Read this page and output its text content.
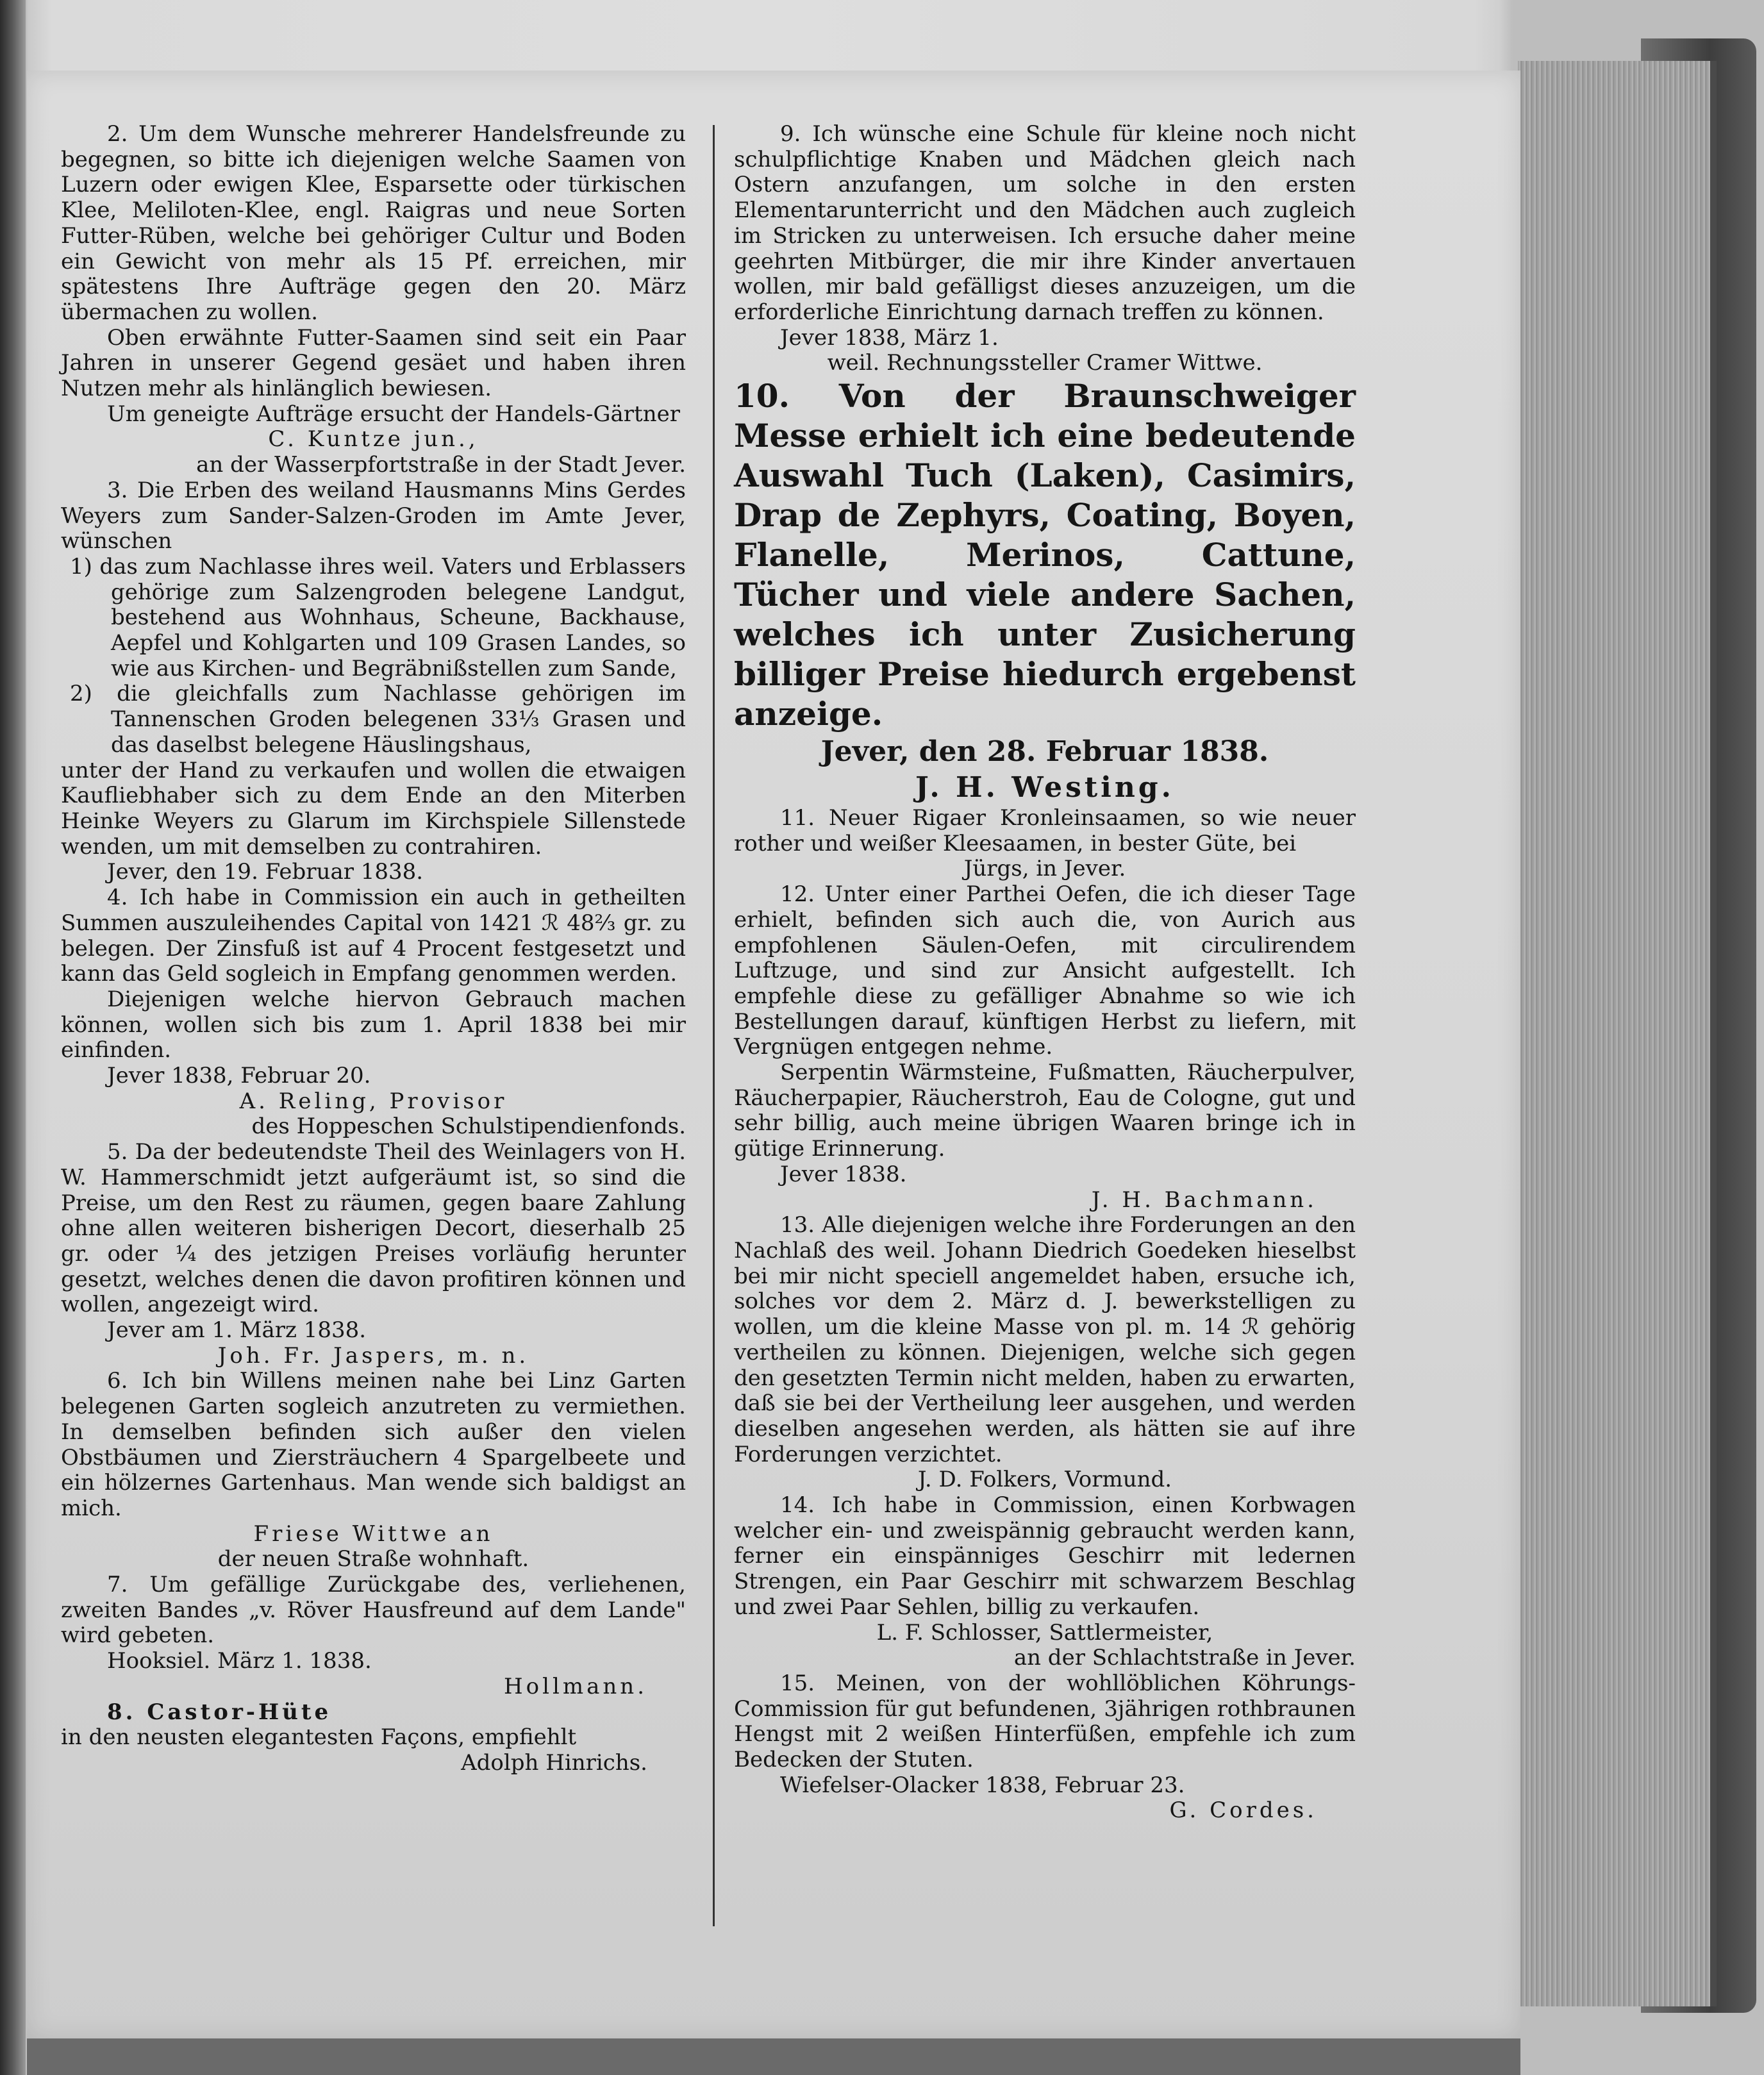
2. Um dem Wunsche mehrerer Handelsfreunde zu begegnen, so bitte ich diejenigen welche Saamen von Luzern oder ewigen Klee, Esparsette oder türkischen Klee, Meliloten-Klee, engl. Raigras und neue Sorten Futter-Rüben, welche bei gehöriger Cultur und Boden ein Gewicht von mehr als 15 Pf. erreichen, mir spätestens Ihre Aufträge gegen den 20. März übermachen zu wollen.

Oben erwähnte Futter-Saamen sind seit ein Paar Jahren in unserer Gegend gesäet und haben ihren Nutzen mehr als hinlänglich bewiesen.

Um geneigte Aufträge ersucht der Handels-Gärtner

C. Kuntze jun.,

an der Wasserpfortstraße in der Stadt Jever.

3. Die Erben des weiland Hausmanns Mins Gerdes Weyers zum Sander-Salzen-Groden im Amte Jever, wünschen

1) das zum Nachlasse ihres weil. Vaters und Erblassers gehörige zum Salzengroden belegene Landgut, bestehend aus Wohnhaus, Scheune, Backhause, Aepfel und Kohlgarten und 109 Grasen Landes, so wie aus Kirchen- und Begräbnißstellen zum Sande,

2) die gleichfalls zum Nachlasse gehörigen im Tannenschen Groden belegenen 33⅓ Grasen und das daselbst belegene Häuslingshaus,

unter der Hand zu verkaufen und wollen die etwaigen Kaufliebhaber sich zu dem Ende an den Miterben Heinke Weyers zu Glarum im Kirchspiele Sillenstede wenden, um mit demselben zu contrahiren.

Jever, den 19. Februar 1838.

4. Ich habe in Commission ein auch in getheilten Summen auszuleihendes Capital von 1421 ℛ 48⅔ gr. zu belegen. Der Zinsfuß ist auf 4 Procent festgesetzt und kann das Geld sogleich in Empfang genommen werden.

Diejenigen welche hiervon Gebrauch machen können, wollen sich bis zum 1. April 1838 bei mir einfinden.

Jever 1838, Februar 20.

A. Reling, Provisor

des Hoppeschen Schulstipendienfonds.

5. Da der bedeutendste Theil des Weinlagers von H. W. Hammerschmidt jetzt aufgeräumt ist, so sind die Preise, um den Rest zu räumen, gegen baare Zahlung ohne allen weiteren bisherigen Decort, dieserhalb 25 gr. oder ¼ des jetzigen Preises vorläufig herunter gesetzt, welches denen die davon profitiren können und wollen, angezeigt wird.

Jever am 1. März 1838.

Joh. Fr. Jaspers, m. n.

6. Ich bin Willens meinen nahe bei Linz Garten belegenen Garten sogleich anzutreten zu vermiethen. In demselben befinden sich außer den vielen Obstbäumen und Ziersträuchern 4 Spargelbeete und ein hölzernes Gartenhaus. Man wende sich baldigst an mich.

Friese Wittwe an

der neuen Straße wohnhaft.

7. Um gefällige Zurückgabe des, verliehenen, zweiten Bandes „v. Röver Hausfreund auf dem Lande" wird gebeten.

Hooksiel. März 1. 1838.

Hollmann.

8. Castor-Hüte

in den neusten elegantesten Façons, empfiehlt

Adolph Hinrichs.

9. Ich wünsche eine Schule für kleine noch nicht schulpflichtige Knaben und Mädchen gleich nach Ostern anzufangen, um solche in den ersten Elementarunterricht und den Mädchen auch zugleich im Stricken zu unterweisen. Ich ersuche daher meine geehrten Mitbürger, die mir ihre Kinder anvertauen wollen, mir bald gefälligst dieses anzuzeigen, um die erforderliche Einrichtung darnach treffen zu können.

Jever 1838, März 1.

weil. Rechnungssteller Cramer Wittwe.

10. Von der Braunschweiger Messe erhielt ich eine bedeutende Auswahl Tuch (Laken), Casimirs, Drap de Zephyrs, Coating, Boyen, Flanelle, Merinos, Cattune, Tücher und viele andere Sachen, welches ich unter Zusicherung billiger Preise hiedurch ergebenst anzeige.

Jever, den 28. Februar 1838.

J. H. Westing.

11. Neuer Rigaer Kronleinsaamen, so wie neuer rother und weißer Kleesaamen, in bester Güte, bei

Jürgs, in Jever.

12. Unter einer Parthei Oefen, die ich dieser Tage erhielt, befinden sich auch die, von Aurich aus empfohlenen Säulen-Oefen, mit circulirendem Luftzuge, und sind zur Ansicht aufgestellt. Ich empfehle diese zu gefälliger Abnahme so wie ich Bestellungen darauf, künftigen Herbst zu liefern, mit Vergnügen entgegen nehme.

Serpentin Wärmsteine, Fußmatten, Räucherpulver, Räucherpapier, Räucherstroh, Eau de Cologne, gut und sehr billig, auch meine übrigen Waaren bringe ich in gütige Erinnerung.

Jever 1838.

J. H. Bachmann.

13. Alle diejenigen welche ihre Forderungen an den Nachlaß des weil. Johann Diedrich Goedeken hieselbst bei mir nicht speciell angemeldet haben, ersuche ich, solches vor dem 2. März d. J. bewerkstelligen zu wollen, um die kleine Masse von pl. m. 14 ℛ gehörig vertheilen zu können. Diejenigen, welche sich gegen den gesetzten Termin nicht melden, haben zu erwarten, daß sie bei der Vertheilung leer ausgehen, und werden dieselben angesehen werden, als hätten sie auf ihre Forderungen verzichtet.

J. D. Folkers, Vormund.

14. Ich habe in Commission, einen Korbwagen welcher ein- und zweispännig gebraucht werden kann, ferner ein einspänniges Geschirr mit ledernen Strengen, ein Paar Geschirr mit schwarzem Beschlag und zwei Paar Sehlen, billig zu verkaufen.

L. F. Schlosser, Sattlermeister,

an der Schlachtstraße in Jever.

15. Meinen, von der wohllöblichen Köhrungs-Commission für gut befundenen, 3jährigen rothbraunen Hengst mit 2 weißen Hinterfüßen, empfehle ich zum Bedecken der Stuten.

Wiefelser-Olacker 1838, Februar 23.

G. Cordes.
